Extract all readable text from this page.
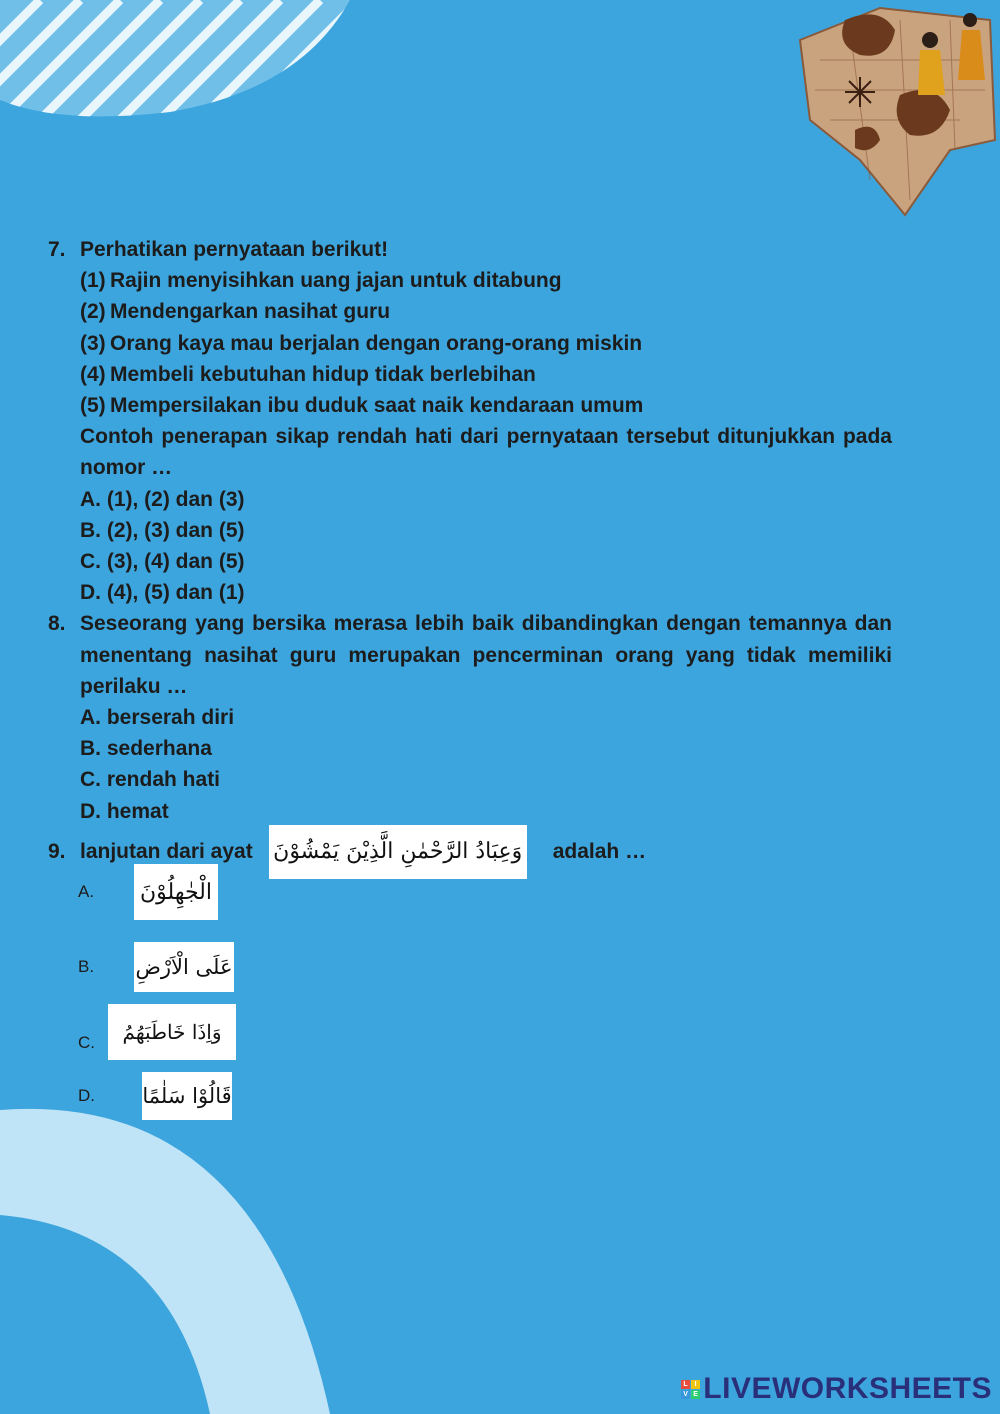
7. Perhatikan pernyataan berikut!
(1) Rajin menyisihkan uang jajan untuk ditabung
(2) Mendengarkan nasihat guru
(3) Orang kaya mau berjalan dengan orang-orang miskin
(4) Membeli kebutuhan hidup tidak berlebihan
(5) Mempersilakan ibu duduk saat naik kendaraan umum
Contoh penerapan sikap rendah hati dari pernyataan tersebut ditunjukkan pada nomor …
A. (1), (2) dan (3)
B. (2), (3) dan (5)
C. (3), (4) dan (5)
D. (4), (5) dan (1)
8. Seseorang yang bersika merasa lebih baik dibandingkan dengan temannya dan menentang nasihat guru merupakan pencerminan orang yang tidak memiliki perilaku …
A. berserah diri
B. sederhana
C. rendah hati
D. hemat
9. lanjutan dari ayat وَعِبَادُ الرَّحْمٰنِ الَّذِيْنَ يَمْشُوْنَ adalah …
A.	الْجٰهِلُوْنَ
B.	عَلَى الْاَرْضِ
C.	وَاِذَا خَاطَبَهُمُ
D.	قَالُوْا سَلٰمًا
L I
V E LIVEWORKSHEETS
